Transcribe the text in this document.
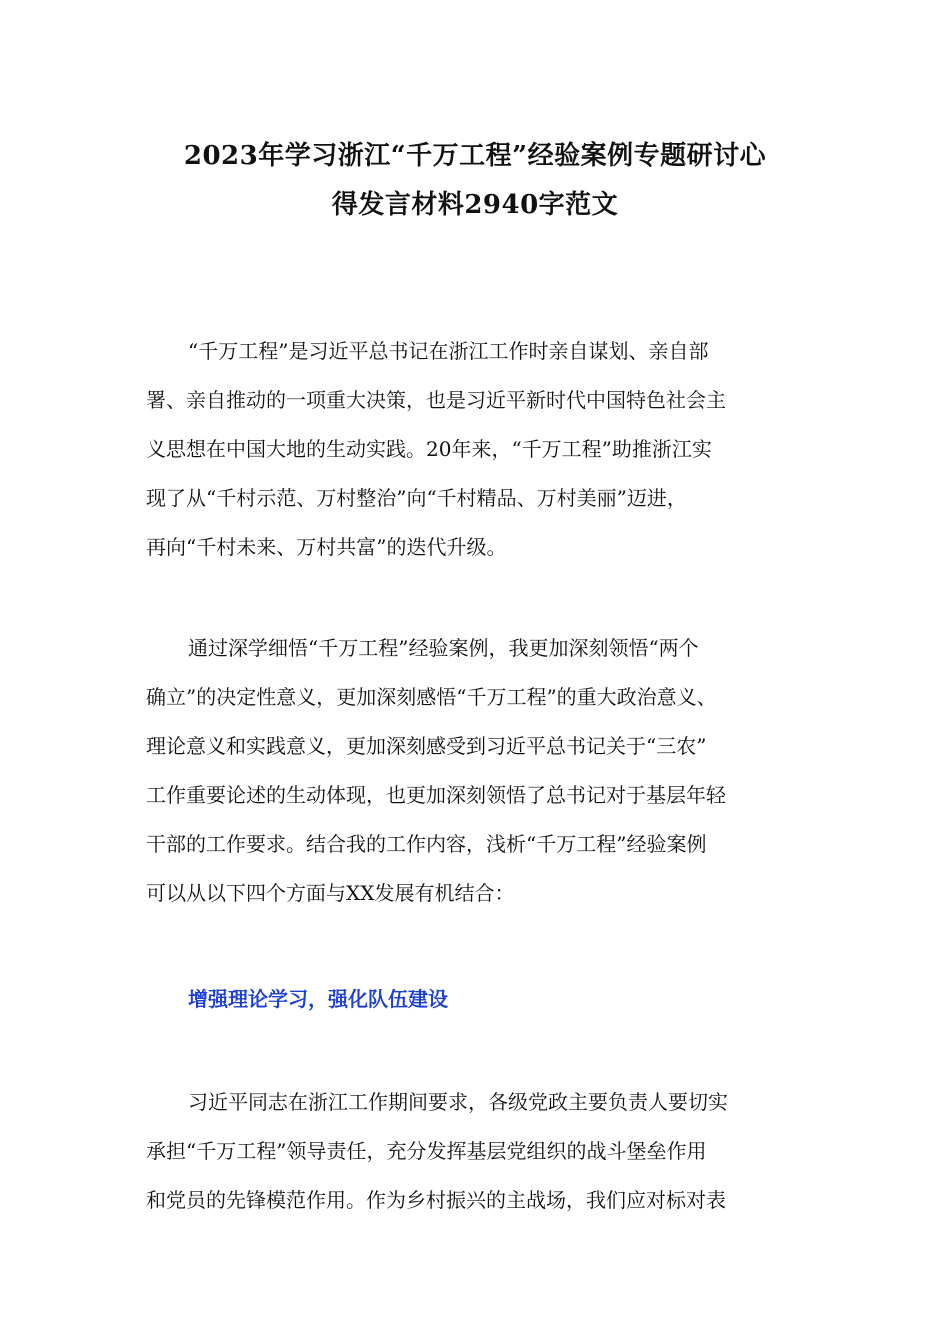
2023年学习浙江“千万工程”经验案例专题研讨心
得发言材料2940字范文

“千万工程”是习近平总书记在浙江工作时亲自谋划、亲自部
署、亲自推动的一项重大决策，也是习近平新时代中国特色社会主
义思想在中国大地的生动实践。20年来，“千万工程”助推浙江实
现了从“千村示范、万村整治”向“千村精品、万村美丽”迈进，
再向“千村未来、万村共富”的迭代升级。

通过深学细悟“千万工程”经验案例，我更加深刻领悟“两个
确立”的决定性意义，更加深刻感悟“千万工程”的重大政治意义、
理论意义和实践意义，更加深刻感受到习近平总书记关于“三农”
工作重要论述的生动体现，也更加深刻领悟了总书记对于基层年轻
干部的工作要求。结合我的工作内容，浅析“千万工程”经验案例
可以从以下四个方面与XX发展有机结合：

增强理论学习，强化队伍建设

习近平同志在浙江工作期间要求，各级党政主要负责人要切实
承担“千万工程”领导责任，充分发挥基层党组织的战斗堡垒作用
和党员的先锋模范作用。作为乡村振兴的主战场，我们应对标对表
